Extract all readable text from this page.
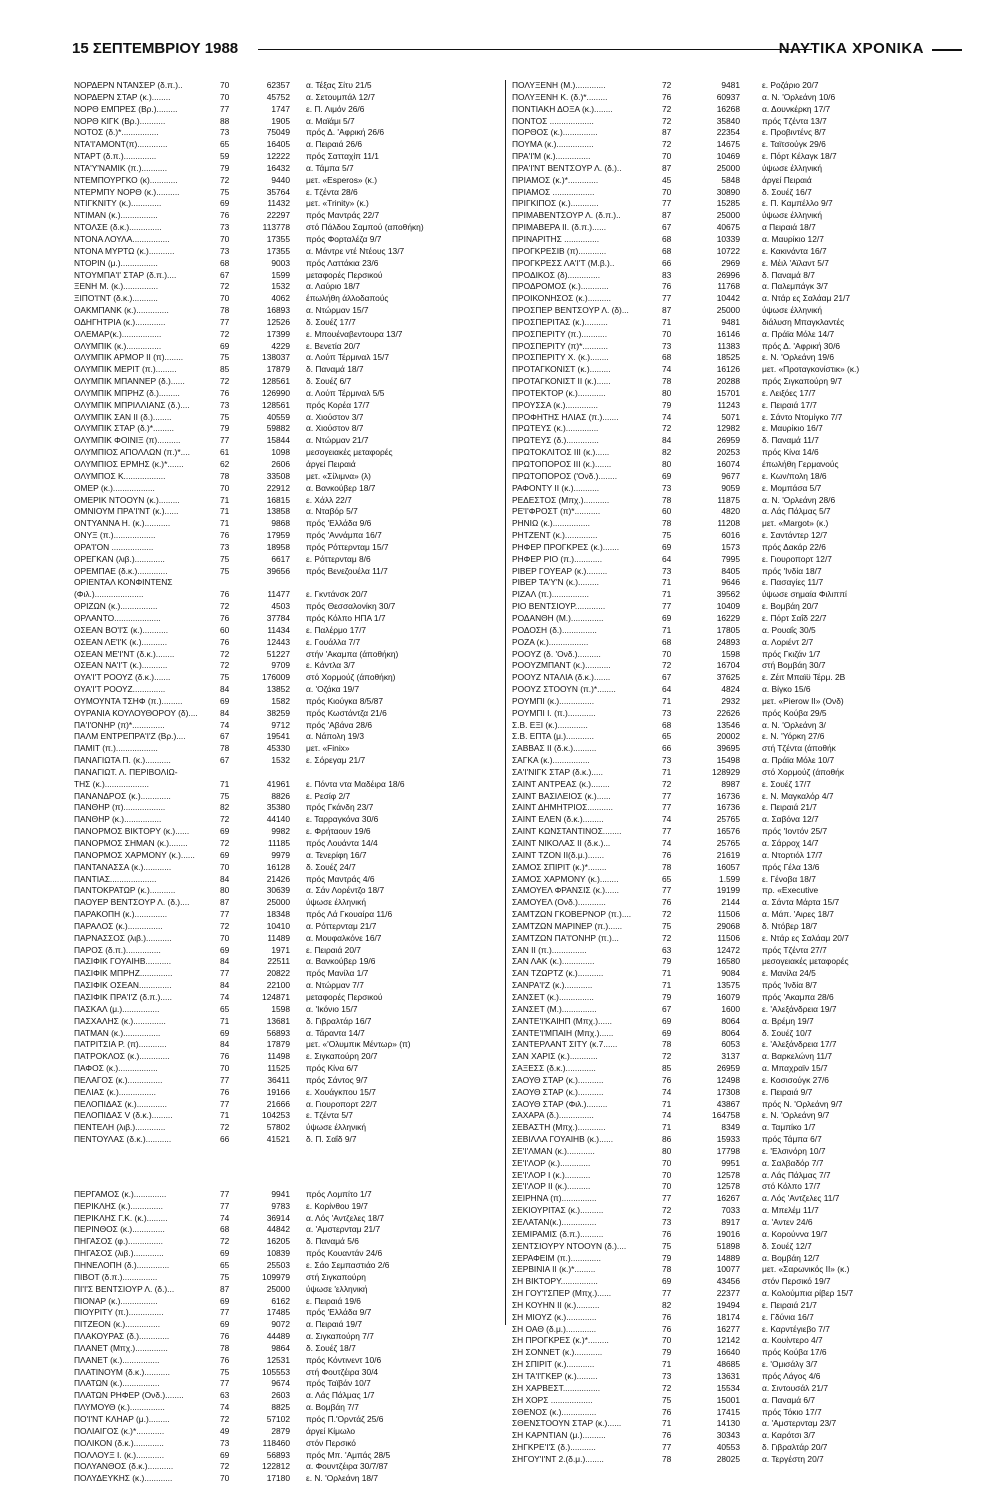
15 ΣΕΠΤΕΜΒΡΙΟΥ 1988	ΝΑΥΤΙΚΑ ΧΡΟΝΙΚΑ
ΝΟΡΔΕΡΝ ΝΤΑΝΣΕΡ (δ.π.)..	70	62357	α. Τέξας Σίτυ 21/5
ΝΟΡΔΕΡΝ ΣΤΑΡ (κ.)........	70	45752	α. Σετουμπάλ 12/7
ΝΟΡΘ ΕΜΠΡΕΣ (Βρ.).........	77	1747	ε. Π. Λιμόν 26/6
ΝΟΡΘ ΚΙΓΚ (Βρ.)...........	88	1905	α. Μαϊάμι 5/7
ΝΟΤΟΣ (δ.)*................	73	75049	πρός Δ. 'Αφρική 26/6
ΝΤΑ'Ι'ΑΜΟΝΤ(π).............	65	16405	α. Πειραιά 26/6
ΝΤΑΡΤ (δ.π.)..............	59	12222	πρός Σατταχίπ 11/1
ΝΤΑ'Υ'ΝΑΜΙΚ (π.)...........	79	16432	α. Τάμπα 5/7
ΝΤΕΜΠΟΥΡΓΚΟ (κ)............	72	9440	μετ. «Esperos» (κ.)
ΝΤΕΡΜΠΥ ΝΟΡΘ (κ.)..........	75	35764	ε. Τζέντα 28/6
ΝΤΙΓΚΝΙΤΥ (κ.).............	69	11432	μετ. «Trinity» (κ.)
ΝΤΙΜΑΝ (κ.)................	76	22297	πρός Μαντράς 22/7
ΝΤΟΛΣΕ (δ.κ.)..............	73	113778	στό Πάλδου Σαμπού (αποθήκη)
ΝΤΟΝΑ ΛΟΥΛΑ................	70	17355	πρός Φορταλέζα 9/7
ΝΤΟΝΑ ΜΥΡΤΩ (κ.)...........	73	17355	α. Μάντρε ντέ Ντέους 13/7
ΝΤΟΡΙΝ (μ.)................	68	9003	πρός Λαττάκια 23/6
ΝΤΟΥΜΠΑ'Ι' ΣΤΑΡ (δ.π.)....	67	1599	μεταφορές Περσικού
ΞΕΝΗ Μ. (κ.)...............	72	1532	α. Λαύριο 18/7
ΞΙΠΟ'Ι'ΝΤ (δ.κ.)...........	70	4062	έπωλήθη άλλοδαπούς
ΟΑΚΜΠΑΝΚ (κ.)..............	78	16893	α. Ντώρμαν 15/7
ΟΔΗΓΗΤΡΙΑ (κ.).............	77	12526	δ. Σουέζ 17/7
ΟΛΕΜΑΡ(κ.).................	72	17399	ε. Μπουέναβεντουρα 13/7
ΟΛΥΜΠΙΚ (κ.)...............	69	4229	ε. Βενετία 20/7
ΟΛΥΜΠΙΚ ΑΡΜΟΡ ΙΙ (π)........	75	138037	α. Λούπ Τέρμιναλ 15/7
ΟΛΥΜΠΙΚ ΜΕΡΙΤ (π.).........	85	17879	δ. Παναμά 18/7
ΟΛΥΜΠΙΚ ΜΠΑΝΝΕΡ (δ.)......	72	128561	δ. Σουέζ 6/7
ΟΛΥΜΠΙΚ ΜΠΡΗΖ (δ.).........	76	126990	α. Λούπ Τέρμιναλ 5/5
ΟΛΥΜΠΙΚ ΜΠΡΙΛΛΙΑΝΣ (δ.)....	73	128561	πρός Κορέα 17/7
ΟΛΥΜΠΙΚ ΣΑΝ ΙΙ (δ.)........	75	40559	α. Χιούστον 3/7
ΟΛΥΜΠΙΚ ΣΤΑΡ (δ.)*.........	79	59882	α. Χιούστον 8/7
ΟΛΥΜΠΙΚ ΦΟΙΝΙΞ (π)..........	77	15844	α. Ντώρμαν 21/7
ΟΛΥΜΠΙΟΣ ΑΠΟΛΛΩΝ (π.)*....	61	1098	μεσογειακές μεταφορές
ΟΛΥΜΠΙΟΣ ΕΡΜΗΣ (κ.)*.......	62	2606	άργεί Πειραιά
ΟΛΥΜΠΟΣ Κ..................	78	33508	μετ. «Σίλιμνα» (λ)
ΟΜΕΡ (κ.)..................	70	22912	α. Βανκούβερ 18/7
ΟΜΕΡΙΚ ΝΤΟΟΥΝ (κ.).........	71	16815	ε. Χάλλ 22/7
ΟΜΝΙΟΥΜ ΠΡΑ'Ι'ΝΤ (κ.)......	71	13858	α. Νταβόρ 5/7
ΟΝΤΥΑΝΝΑ Η. (κ.)...........	71	9868	πρός 'Ελλάδα 9/6
ΟΝΥΞ (π.)..................	76	17959	πρός 'Αννάμπα 16/7
ΟΡΑ'Ι'ΟΝ ..................	73	18958	πρός Ρόττερνταμ 15/7
ΟΡΕΓΚΑΝ (λιβ.).............	75	6617	ε. Ρόττερνταμ 8/6
ΟΡΕΜΠΑΕ (δ.κ.).............	75	39656	πρός Βενεζουέλα 11/7
ΟΡΙΕΝΤΑΛ ΚΟΝΦΙΝΤΕΝΣ
(Φιλ.).....................	76	11477	ε. Γκντάνσκ 20/7
ΟΡΙΖΩΝ (κ.)................	72	4503	πρός Θεσσαλονίκη 30/7
ΟΡΛΑΝΤΟ....................	76	37784	πρός Κόλπο ΗΠΑ 1/7
ΟΣΕΑΝ ΒΟ'Ι'Σ (κ.)...........	60	11434	ε. Παλέρμο 17/7
ΟΣΕΑΝ ΛΕ'Ι'Κ (κ.)...........	76	12443	ε. Γουάλλα 7/7
ΟΣΕΑΝ ΜΕ'Ι'ΝΤ (δ.κ.)........	72	51227	στήν 'Ακαμπα (άποθήκη)
ΟΣΕΑΝ ΝΑ'Ι'Τ (κ.)...........	72	9709	ε. Κάντλα 3/7
ΟΥΑ'Ι'Τ ΡΟΟΥΖ (δ.κ.).......	75	176009	στό Χορμούζ (άποθήκη)
ΟΥΑ'Ι'Τ ΡΟΟΥΖ..............	84	13852	α. 'Οζάκα 19/7
ΟΥΜΟΥΝΤΑ ΤΣΗΦ (π.).........	69	1582	πρός Κιούγκα 8/5/87
ΟΥΡΑΝΙΑ ΚΟΥΛΟΥΘΟΡΟΥ (δ)....	84	38259	πρός Κωστάντζα 21/6
ΠΑ'Ι'ΟΝΗΡ (π)*..............	74	9712	πρός 'Αβάνα 28/6
ΠΑΛΜ ΕΝΤΡΕΠΡΑ'Ι'Ζ (Βρ.)....	67	19541	α. Νάπολη 19/3
ΠΑΜΙΤ (π.)..................	78	45330	μετ. «Finix»
ΠΑΝΑΓΙΩΤΑ Π. (κ.)...........	67	1532	ε. Σόρεγαμ 21/7
ΠΑΝΑΓΙΩΤ. Λ. ΠΕΡΙΒΟΛΙΩ-
ΤΗΣ (κ.)...................	71	41961	ε. Πόντα ντα Μαδέιρα 18/6
ΠΑΝΑΝΔΡΟΣ (κ.).............	75	8826	ε. Ρεσίφ 2/7
ΠΑΝΘΗΡ (π)..................	82	35380	πρός Γκάνδη 23/7
ΠΑΝΘΗΡ (κ.)................	72	44140	ε. Ταρραγκόνα 30/6
ΠΑΝΟΡΜΟΣ ΒΙΚΤΟΡΥ (κ.)......	69	9982	ε. Φρήταουν 19/6
ΠΑΝΟΡΜΟΣ ΣΗΜΑΝ (κ.)........	72	11185	πρός Λουάντα 14/4
ΠΑΝΟΡΜΟΣ ΧΑΡΜΟΝΥ (κ.)......	69	9979	α. Τενερίφη 16/7
ΠΑΝΤΑΝΑΣΣΑ (κ.)............	70	16128	δ. Σουέζ 24/7
ΠΑΝΤΙΑΣ....................	84	21426	πρός Μαντράς 4/6
ΠΑΝΤΟΚΡΑΤΩΡ (κ.)...........	80	30639	α. Σάν Λορέντζο 18/7
ΠΑΟΥΕΡ ΒΕΝΤΣΟΥΡ Λ. (δ.)....	87	25000	ύψωσε έλληνική
ΠΑΡΑΚΟΠΗ (κ.)..............	77	18348	πρός Λά Γκουαίρα 11/6
ΠΑΡΑΛΟΣ (κ.)...............	72	10410	α. Ρόττερνταμ 21/7
ΠΑΡΝΑΣΣΟΣ (λιβ.)...........	70	11489	α. Μουφαλκόνε 16/7
ΠΑΡΟΣ (δ.π.)...............	69	1971	ε. Πειραιά 20/7
ΠΑΣΙΦΙΚ ΓΟΥΑΙΗΒ...........	84	22511	α. Βανκούβερ 19/6
ΠΑΣΙΦΙΚ ΜΠΡΗΖ..............	77	20822	πρός Μανίλα 1/7
ΠΑΣΙΦΙΚ ΟΣΕΑΝ..............	84	22100	α. Ντώρμαν 7/7
ΠΑΣΙΦΙΚ ΠΡΑ'Ι'Ζ (δ.π.).....	74	124871	μεταφορές Περσικού
ΠΑΣΚΑΛ (μ.)................	65	1598	α. 'Ικόνιο 15/7
ΠΑΣΧΑΛΗΣ (κ.)..............	71	13681	δ. Γιβραλτάρ 16/7
ΠΑΤΜΑΝ (κ.)................	69	56893	α. Τάραντα 14/7
ΠΑΤΡΙΤΣΙΑ Ρ. (π)............	84	17879	μετ. «'Ολυμπικ Μέντωρ» (π)
ΠΑΤΡΟΚΛΟΣ (κ.).............	76	11498	ε. Σιγκαπούρη 20/7
ΠΑΦΟΣ (κ.).................	70	11525	πρός Κίνα 6/7
ΠΕΛΑΓΟΣ (κ.)...............	77	36411	πρός Σάντος 9/7
ΠΕΛΙΑΣ (κ.)................	76	19166	ε. Χουάγκπου 15/7
ΠΕΛΟΠΙΔΑΣ (κ.).............	77	21666	α. Γιουροπορτ 22/7
ΠΕΛΟΠΙΔΑΣ V (δ.κ.).........	71	104253	ε. Τζέντα 5/7
ΠΕΝΤΕΛΗ (λιβ.).............	72	57802	ύψωσε έλληνική
ΠΕΝΤΟΥΛΑΣ (δ.κ.)...........	66	41521	δ. Π. Σαΐδ 9/7
ΠΕΡΓΑΜΟΣ (κ.)..............	77	9941	πρός Λομπίτο 1/7
ΠΕΡΙΚΛΗΣ (κ.)..............	77	9783	ε. Κορίνθου 19/7
ΠΕΡΙΚΛΗΣ Γ.Κ. (κ.).........	74	36914	α. Λός 'Αντζελες 18/7
ΠΕΡΙΝΘΟΣ (κ.)..............	68	44842	α. 'Αμστερνταμ 21/7
ΠΗΓΑΣΟΣ (φ.)...............	72	16205	δ. Παναμά 5/6
ΠΗΓΑΣΟΣ (λιβ.).............	69	10839	πρός Κουαντάν 24/6
ΠΗΝΕΛΟΠΗ (δ.)..............	65	25503	ε. Σάο Σεμπαστιάο 2/6
ΠΙΒΟΤ (δ.π.)...............	75	109979	στή Σιγκαπούρη
ΠΙ'Ι'Σ ΒΕΝΤΣΙΟΥΡ Λ. (δ.)...	87	25000	ύψωσε 'ελληνική
ΠΙΟΝΑΡ (κ.)................	69	6162	ε. Πειραιά 19/6
ΠΙΟΥΡΙΤΥ (π.)...............	77	17485	πρός 'Ελλάδα 9/7
ΠΙΤΖΕΟΝ (κ.)...............	69	9072	α. Πειραιά 19/7
ΠΛΑΚΟΥΡΑΣ (δ.).............	76	44489	α. Σιγκαπούρη 7/7
ΠΛΑΝΕΤ (Μπχ.)..............	78	9864	δ. Σουέζ 18/7
ΠΛΑΝΕΤ (κ.)................	76	12531	πρός Κόντινεντ 10/6
ΠΛΑΤΙΝΟΥΜ (δ.κ.)...........	75	105553	στή Φουτζέιρα 30/4
ΠΛΑΤΩΝ (κ.)................	77	9674	πρός Ταϊβάν 10/7
ΠΛΑΤΩΝ ΡΗΦΕΡ (Ονδ.)........	63	2603	α. Λάς Πάλμας 1/7
ΠΛΥΜΟΥΘ (κ.)...............	74	8825	α. Βομβάη 7/7
ΠΟ'Ι'ΝΤ ΚΛΗΑΡ (μ.).........	72	57102	πρός Π.'Ορντάζ 25/6
ΠΟΛΙΑΙΓΟΣ (κ.)*............	49	2879	άργεί Κίμωλο
ΠΟΛΙΚΟΝ (δ.κ.).............	73	118460	στόν Περσικό
ΠΟΛΛΟΥΞ Ι. (κ.)............	69	56893	πρός Μπ. 'Αμπάς 28/5
ΠΟΛΥΑΝΘΟΣ (δ.κ.)...........	72	122812	α. Φουντζέιρα 30/7/87
ΠΟΛΥΔΕΥΚΗΣ (κ.)............	70	17180	ε. Ν. 'Ορλεάνη 18/7
ΠΟΛΥΞΕΝΗ (Μ.).............	72	9481	ε. Ροζάριο 20/7
ΠΟΛΥΞΕΝΗ Κ. (δ.)*.........	76	60937	α. Ν. 'Ορλεάνη 10/6
ΠΟΝΤΙΑΚΗ ΔΟΞΑ (κ.)........	72	16268	α. Δουνκέρκη 17/7
ΠΟΝΤΟΣ ...................	72	35840	πρός Τζέντα 13/7
ΠΟΡΘΟΣ (κ.)...............	87	22354	ε. Προβιντένς 8/7
ΠΟΥΜΑ (κ.)................	72	14675	ε. Ταϊτσούγκ 29/6
ΠΡΑ'Ι'Μ (κ.)...............	70	10469	ε. Πόρτ Κέλαγκ 18/7
ΠΡΑ'Ι'ΝΤ ΒΕΝΤΣΟΥΡ Λ. (δ.)..	87	25000	ύψωσε έλληνική
ΠΡΙΑΜΟΣ (κ.)*.............	45	5848	άργεί Πειραιά
ΠΡΙΑΜΟΣ ..................	70	30890	δ. Σουέζ 16/7
ΠΡΙΓΚΙΠΟΣ (κ.)............	77	15285	ε. Π. Καμπέλλο 9/7
ΠΡΙΜΑΒΕΝΤΣΟΥΡ Λ. (δ.π.)..	87	25000	ύψωσε έλληνική
ΠΡΙΜΑΒΕΡΑ ΙΙ. (δ.π.)......	67	40675	α Πειραιά 18/7
ΠΡΙΝΑΡΙΤΗΣ ...............	68	10339	α. Μαυρίκιο 12/7
ΠΡΟΓΚΡΕΣΙΒ (π)............	68	10722	ε. Κακινάντα 16/7
ΠΡΟΓΚΡΕΣΣ ΛΑ'Ι'Τ (Μ.β.)..	66	2969	ε. Μέιλ 'Αϊλαντ 5/7
ΠΡΟΔΙΚΟΣ (δ)..............	83	26996	δ. Παναμά 8/7
ΠΡΟΔΡΟΜΟΣ (κ.)............	76	11768	α. Παλεμπάγκ 3/7
ΠΡΟΙΚΟΝΗΣΟΣ (κ.)..........	77	10442	α. Ντάρ ες Σαλάαμ 21/7
ΠΡΟΣΠΕΡ ΒΕΝΤΣΟΥΡ Λ. (δ)...	87	25000	ύψωσε έλληνική
ΠΡΟΣΠΕΡΙΤΑΣ (κ.)..........	71	9481	διάλυση Μπαγκλαντές
ΠΡΟΣΠΕΡΙΤΥ (π.)...........	70	16146	α. Πράϊα Μόλε 14/7
ΠΡΟΣΠΕΡΙΤΥ (π)*...........	73	11383	πρός Δ. 'Αφρική 30/6
ΠΡΟΣΠΕΡΙΤΥ Χ. (κ.)........	68	18525	ε. Ν. 'Ορλεάνη 19/6
ΠΡΟΤΑΓΚΟΝΙΣΤ (κ.).........	74	16126	μετ. «Προταγκονίστικ» (κ.)
ΠΡΟΤΑΓΚΟΝΙΣΤ ΙΙ (κ.)......	78	20288	πρός Σιγκαπούρη 9/7
ΠΡΟΤΕΚΤΟΡ (κ.)............	80	15701	ε. Λειξόες 17/7
ΠΡΟΥΣΣΑ (κ.)..............	79	11243	ε. Πειραιά 17/7
ΠΡΟΦΗΤΗΣ ΗΛΙΑΣ (π.).......	74	5071	ε. Σάντο Ντομίγκο 7/7
ΠΡΩΤΕΥΣ (κ.)..............	72	12982	ε. Μαυρίκιο 16/7
ΠΡΩΤΕΥΣ (δ.)..............	84	26959	δ. Παναμά 11/7
ΠΡΩΤΟΚΛΙΤΟΣ ΙΙΙ (κ.)......	82	20253	πρός Κίνα 14/6
ΠΡΩΤΟΠΟΡΟΣ ΙΙΙ (κ.).......	80	16074	έπωλήθη Γερμανούς
ΠΡΩΤΟΠΟΡΟΣ ('Ονδ.)........	69	9677	ε. Κων/πολη 18/6
ΡΑΦΟΝΤΥ ΙΙ (κ.)...........	73	9059	ε. Μομπάσα 5/7
ΡΕΔΕΣΤΟΣ (Μπχ.)...........	78	11875	α. Ν. 'Ορλεάνη 28/6
ΡΕ'Ι'ΦΡΟΣΤ (π)*...........	60	4820	α. Λάς Πάλμας 5/7
ΡΗΝΙΩ (κ.)................	78	11208	μετ. «Margot» (κ.)
ΡΗΤΖΕΝΤ (κ.)..............	75	6016	ε. Σαντάντερ 12/7
ΡΗΦΕΡ ΠΡΟΓΚΡΕΣ (κ.).......	69	1573	πρός Δακάρ 22/6
ΡΗΦΕΡ ΡΙΟ (π.)............	64	7995	ε. Γιουροπορτ 12/7
ΡΙΒΕΡ ΓΟΥΕΑΡ (κ.).........	73	8405	πρός 'Ινδία 18/7
ΡΙΒΕΡ ΤΑ'Υ'Ν (κ.).........	71	9646	ε. Πασαγίες 11/7
ΡΙΖΑΛ (π.)................	71	39562	ύψωσε σημαία Φιλιππί
ΡΙΟ ΒΕΝΤΣΙΟΥΡ.............	77	10409	ε. Βομβάη 20/7
ΡΟΔΑΝΘΗ (Μ.)..............	69	16229	ε. Πόρτ Σαΐδ 22/7
ΡΟΔΟΣΗ (δ.)...............	71	17805	α. Ρουαΐς 30/5
ΡΟΖΑ (κ.).................	68	24893	α. Λοριέντ 2/7
ΡΟΟΥΖ (δ. 'Ονδ.)..........	70	1598	πρός Γκιζάν 1/7
ΡΟΟΥΖΜΠΑΝΤ (κ.)...........	72	16704	στή Βομβάη 30/7
ΡΟΟΥΖ ΝΤΑΛΙΑ (δ.κ.).......	67	37625	ε. Ζέιτ Μπαϊϋ Τέρμ. 2Β
ΡΟΟΥΖ ΣΤΟΟΥΝ (π.)*........	64	4824	α. Βίγκο 15/6
ΡΟΥΜΠΙ (κ.)...............	71	2932	μετ. «Pierow II» (Ονδ)
ΡΟΥΜΠΙ Ι. (π.)............	73	22626	πρός Κούβα 29/5
Σ.Β. ΕΞΙ (κ.).............	68	13546	α. Ν. 'Ορλεάνη 3/
Σ.Β. ΕΠΤΑ (μ.)............	65	20002	ε. Ν. 'Υόρκη 27/6
ΣΑΒΒΑΣ ΙΙ (δ.κ.)..........	66	39695	στή Τζέντα (άποθήκ
ΣΑΓΚΑ (κ.)................	73	15498	α. Πράϊα Μόλε 10/7
ΣΑ'Ι'ΝΙΓΚ ΣΤΑΡ (δ.κ.).....	71	128929	στό Χορμούζ (άποθήκ
ΣΑΙΝΤ ΑΝΤΡΕΑΣ (κ.)........	72	8987	ε. Σουέζ 17/7
ΣΑΙΝΤ ΒΑΣΙΛΕΙΟΣ (κ.)......	77	16736	ε. Ν. Μαγκαλόρ 4/7
ΣΑΙΝΤ ΔΗΜΗΤΡΙΟΣ...........	77	16736	ε. Πειραιά 21/7
ΣΑΙΝΤ ΕΛΕΝ (δ.κ.).........	74	25765	α. Σαβόνα 12/7
ΣΑΙΝΤ ΚΩΝΣΤΑΝΤΙΝΟΣ........	77	16576	πρός 'Ιοντόν 25/7
ΣΑΙΝΤ ΝΙΚΟΛΑΣ ΙΙ (δ.κ.)...	74	25765	α. Σάρροχ 14/7
ΣΑΙΝΤ ΤΖΟΝ ΙΙ(δ.μ.).......	76	21619	α. Ντορτιόλ 17/7
ΣΑΜΟΣ ΣΠΙΡΙΤ (κ.)*........	78	16057	πρός Γέλα 13/6
ΣΑΜΟΣ ΧΑΡΜΟΝΥ (κ.)........	65	1.599	ε. Γένοβα 18/7
ΣΑΜΟΥΕΛ ΦΡΑΝΣΙΣ (κ.)......	77	19199	πρ. «Executive
ΣΑΜΟΥΕΛ (Ονδ.)............	76	2144	α. Σάντα Μάρτα 15/7
ΣΑΜΤΖΩΝ ΓΚΟΒΕΡΝΟΡ (π.)....	72	11506	α. Μάπ. 'Αιρες 18/7
ΣΑΜΤΖΩΝ ΜΑΡΙΝΕΡ (π.)......	75	29068	δ. Ντόβερ 18/7
ΣΑΜΤΖΩΝ ΠΑ'Ι'ΟΝΗΡ (π.)...	72	11506	ε. Ντάρ ες Σαλάαμ 20/7
ΣΑΝ ΙΙ (π.)...............	63	12472	πρός Τζέντα 27/7
ΣΑΝ ΛΑΚ (κ.)..............	79	16580	μεσογειακές μεταφορές
ΣΑΝ ΤΖΩΡΤΖ (κ.)...........	71	9084	ε. Μανίλα 24/5
ΣΑΝΡΑ'Ι'Ζ (κ.)............	71	13575	πρός 'Ινδία 8/7
ΣΑΝΣΕΤ (κ.)...............	79	16079	πρός 'Ακαμπα 28/6
ΣΑΝΣΕΤ (Μ.)...............	67	1600	ε. 'Αλεξάνδρεια 19/7
ΣΑΝΤΕ'Ι'ΚΑΙΗΠ (Μπχ.)......	69	8064	α. Βρέμη 19/7
ΣΑΝΤΕ'Ι'ΜΠΑΙΗ (Μπχ.)......	69	8064	δ. Σουέζ 10/7
ΣΑΝΤΕΡΛΑΝΤ ΣΙΤΥ (κ.7......	78	6053	ε. 'Αλεξάνδρεια 17/7
ΣΑΝ ΧΑΡΙΣ (κ.)............	72	3137	α. Βαρκελώνη 11/7
ΣΑΞΕΣΣ (δ.κ.).............	85	26959	α. Μπαχραϊν 15/7
ΣΑΟΥΘ ΣΤΑΡ (κ.)...........	76	12498	ε. Κοσισούγκ 27/6
ΣΑΟΥΘ ΣΤΑΡ (κ.)...........	74	17308	ε. Πειραιά 9/7
ΣΑΟΥΘ ΣΤΑΡ (Φιλ.).........	71	43867	πρός Ν. 'Ορλεάνη 9/7
ΣΑΧΑΡΑ (δ.)...............	74	164758	ε. Ν. 'Ορλεάνη 9/7
ΣΕΒΑΣΤΗ (Μπχ.)............	71	8349	α. Ταμπίκο 1/7
ΣΕΒΙΛΛΑ ΓΟΥΑΙΗΒ (κ.)......	86	15933	πρός Τάμπα 6/7
ΣΕ'Ι'ΛΜΑΝ (κ.)............	80	17798	ε. 'Ελσινόρη 10/7
ΣΕ'Ι'ΛΟΡ (κ.).............	70	9951	α. Σαλβαδόρ 7/7
ΣΕ'Ι'ΛΟΡ Ι (κ.)...........	70	12578	α. Λάς Πάλμας 7/7
ΣΕ'Ι'ΛΟΡ ΙΙ (κ.)..........	70	12578	στό Κόλπο 17/7
ΣΕΙΡΗΝΑ (π)...............	77	16267	α. Λός 'Αντζελες 11/7
ΣΕΚΙΟΥΡΙΤΑΣ (κ.)..........	72	7033	α. Μπελέμ 11/7
ΣΕΛΑΤΑΝ(κ.)...............	73	8917	α. 'Αντεν 24/6
ΣΕΜΙΡΑΜΙΣ (δ.π.)..........	76	19016	α. Κορούννα 19/7
ΣΕΝΤΣΙΟΥΡΥ ΝΤΟΟΥΝ (δ.)....	75	51898	δ. Σουέζ 12/7
ΣΕΡΑΦΕΙΜ (π.).............	79	14889	α. Βομβάη 12/7
ΣΕΡΒΙΝΙΑ ΙΙ (κ.)*.........	78	10077	μετ. «Σαρωνικός ΙΙ» (κ.)
ΣΗ ΒΙΚΤΟΡΥ................	69	43456	στόν Περσικό 19/7
ΣΗ ΓΟΥ'Ι'ΣΠΕΡ (Μπχ.)......	77	22377	α. Κολούμπια ρίβερ 15/7
ΣΗ ΚΟΥΗΝ ΙΙ (κ.)..........	82	19494	ε. Πειραιά 21/7
ΣΗ ΜΙΟΥΖ (κ.).............	76	18174	ε. Γδύνια 16/7
ΣΗ ΟΑΘ (δ.μ.).............	76	16277	ε. Καρντέγιεβο 7/7
ΣΗ ΠΡΟΓΚΡΕΣ (κ.)*.........	70	12142	α. Κουίντερο 4/7
ΣΗ ΣΟΝΝΕΤ (κ.)............	79	16640	πρός Κούβα 17/6
ΣΗ ΣΠΙΡΙΤ (κ.)............	71	48685	ε. 'Ομισάλγ 3/7
ΣΗ ΤΑ'Ι'ΓΚΕΡ (κ.).........	73	13631	πρός Λάγος 4/6
ΣΗ ΧΑΡΒΕΣΤ................	72	15534	α. Σιντουσάλ 21/7
ΣΗ ΧΟΡΣ ..................	75	15001	α. Παναμά 6/7
ΣΘΕΝΟΣ (κ.)...............	76	17415	πρός Τόκιο 17/7
ΣΘΕΝΣΤΟΟΥΝ ΣΤΑΡ (κ.)......	71	14130	α. 'Αμστερνταμ 23/7
ΣΗ ΚΑΡΝΤΙΑΝ (μ.)..........	76	30343	α. Καρότσι 3/7
ΣΗΓΚΡΕ'Ι'Σ (δ.)...........	77	40553	δ. Γιβραλτάρ 20/7
ΣΗΓΟΥ'Ι'ΝΤ 2.(δ.μ.)........	78	28025	α. Τεργέστη 20/7
